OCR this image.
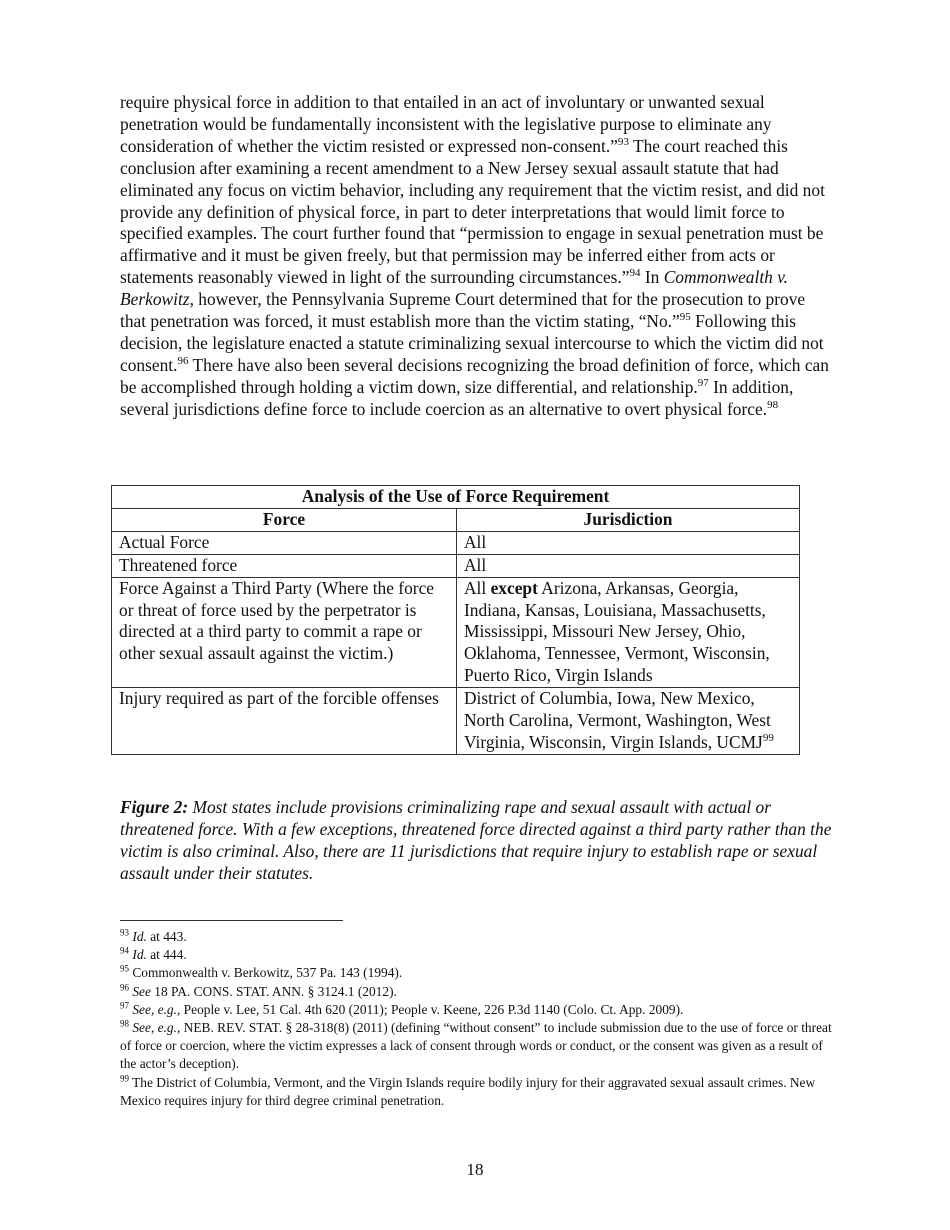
require physical force in addition to that entailed in an act of involuntary or unwanted sexual penetration would be fundamentally inconsistent with the legislative purpose to eliminate any consideration of whether the victim resisted or expressed non-consent.”$^{93}$ The court reached this conclusion after examining a recent amendment to a New Jersey sexual assault statute that had eliminated any focus on victim behavior, including any requirement that the victim resist, and did not provide any definition of physical force, in part to deter interpretations that would limit force to specified examples. The court further found that “permission to engage in sexual penetration must be affirmative and it must be given freely, but that permission may be inferred either from acts or statements reasonably viewed in light of the surrounding circumstances.”$^{94}$ In Commonwealth v. Berkowitz, however, the Pennsylvania Supreme Court determined that for the prosecution to prove that penetration was forced, it must establish more than the victim stating, “No.”$^{95}$ Following this decision, the legislature enacted a statute criminalizing sexual intercourse to which the victim did not consent.$^{96}$ There have also been several decisions recognizing the broad definition of force, which can be accomplished through holding a victim down, size differential, and relationship.$^{97}$ In addition, several jurisdictions define force to include coercion as an alternative to overt physical force.$^{98}$

Analysis of the Use of Force Requirement	
Force	Jurisdiction
Actual Force	All
Threatened force	All
Force Against a Third Party (Where the force or threat of force used by the perpetrator is directed at a third party to commit a rape or other sexual assault against the victim.)	All except Arizona, Arkansas, Georgia, Indiana, Kansas, Louisiana, Massachusetts, Mississippi, Missouri New Jersey, Ohio, Oklahoma, Tennessee, Vermont, Wisconsin, Puerto Rico, Virgin Islands
Injury required as part of the forcible offenses	District of Columbia, Iowa, New Mexico, North Carolina, Vermont, Washington, West Virginia, Wisconsin, Virgin Islands, UCMJ$^{99}$

Figure 2: Most states include provisions criminalizing rape and sexual assault with actual or threatened force. With a few exceptions, threatened force directed against a third party rather than the victim is also criminal. Also, there are 11 jurisdictions that require injury to establish rape or sexual assault under their statutes.

$^{93}$ Id. at 443.

$^{94}$ Id. at 444.

$^{95}$ Commonwealth v. Berkowitz, 537 Pa. 143 (1994).

$^{96}$ See 18 PA. CONS. STAT. ANN. § 3124.1 (2012).

$^{97}$ See, e.g., People v. Lee, 51 Cal. 4th 620 (2011); People v. Keene, 226 P.3d 1140 (Colo. Ct. App. 2009).

$^{98}$ See, e.g., NEB. REV. STAT. § 28-318(8) (2011) (defining “without consent” to include submission due to the use of force or threat of force or coercion, where the victim expresses a lack of consent through words or conduct, or the consent was given as a result of the actor’s deception).

$^{99}$ The District of Columbia, Vermont, and the Virgin Islands require bodily injury for their aggravated sexual assault crimes. New Mexico requires injury for third degree criminal penetration.

18
